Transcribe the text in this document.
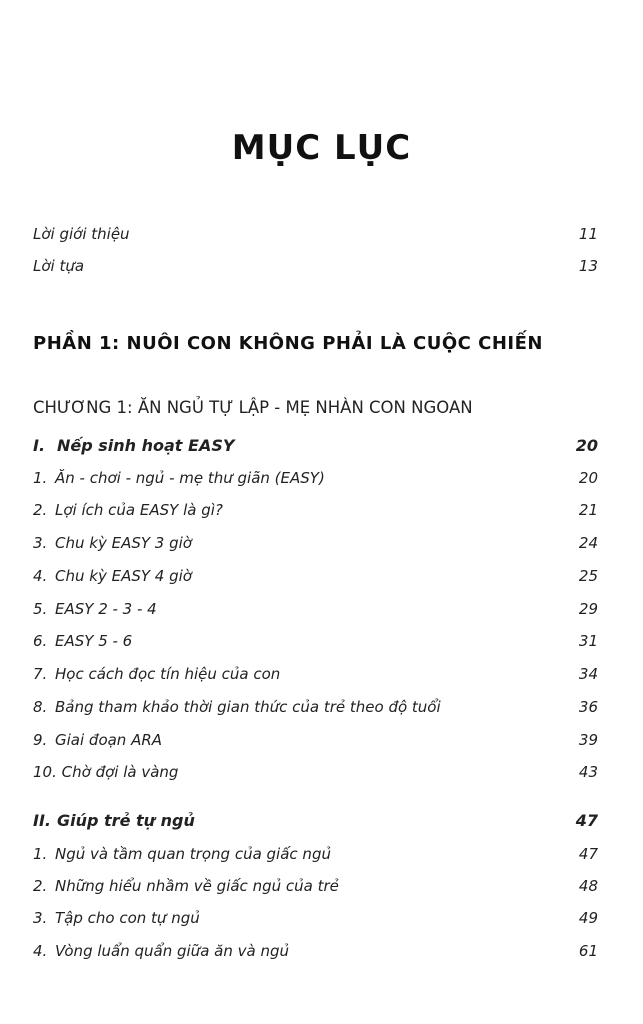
MỤC LỤC
Lời giới thiệu	11
Lời tựa	13
PHẦN 1: NUÔI CON KHÔNG PHẢI LÀ CUỘC CHIẾN
CHƯƠNG 1: ĂN NGỦ TỰ LẬP - MẸ NHÀN CON NGOAN
I. Nếp sinh hoạt EASY	20
1. Ăn - chơi - ngủ - mẹ thư giãn (EASY)	20
2. Lợi ích của EASY là gì?	21
3. Chu kỳ EASY 3 giờ	24
4. Chu kỳ EASY 4 giờ	25
5. EASY 2 - 3 - 4	29
6. EASY 5 - 6	31
7. Học cách đọc tín hiệu của con	34
8. Bảng tham khảo thời gian thức của trẻ theo độ tuổi	36
9. Giai đoạn ARA	39
10. Chờ đợi là vàng	43
II. Giúp trẻ tự ngủ	47
1. Ngủ và tầm quan trọng của giấc ngủ	47
2. Những hiểu nhầm về giấc ngủ của trẻ	48
3. Tập cho con tự ngủ	49
4. Vòng luẩn quẩn giữa ăn và ngủ	61
